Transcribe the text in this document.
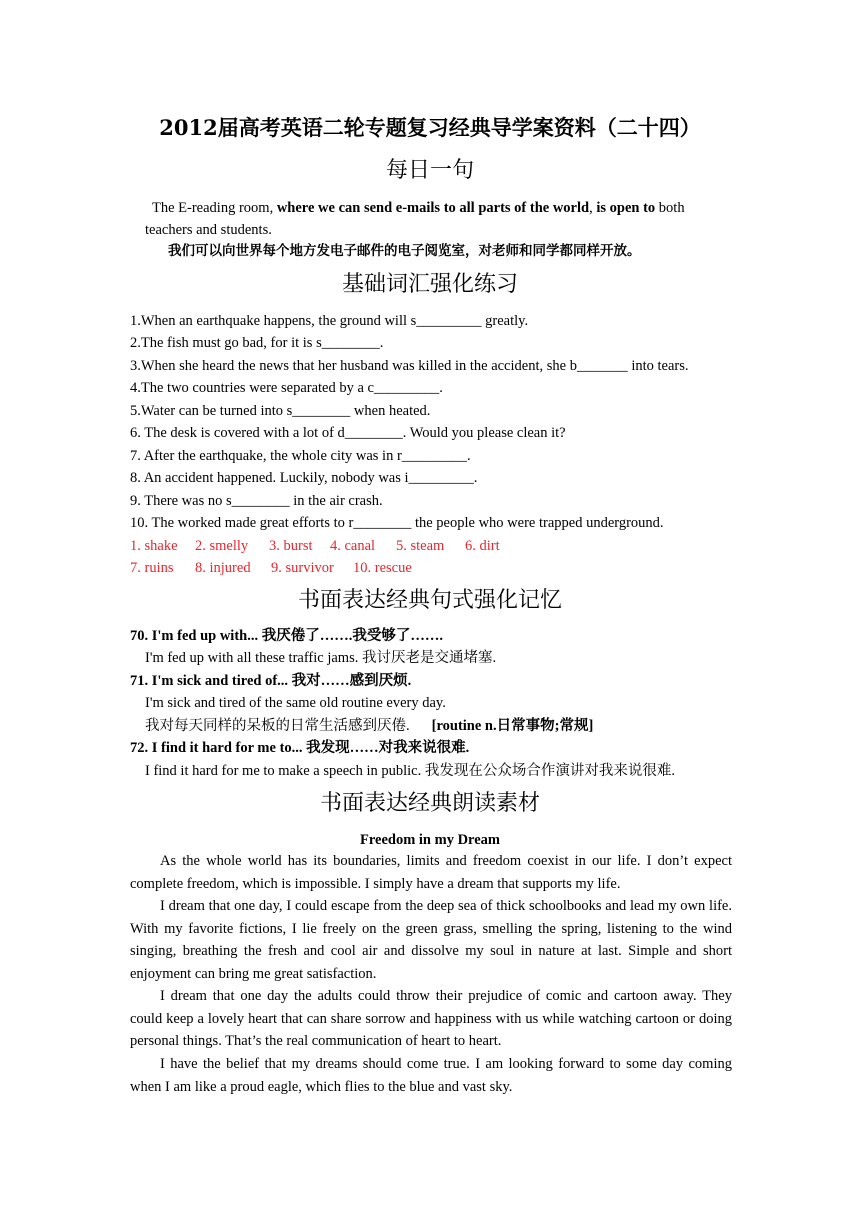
2012届高考英语二轮专题复习经典导学案资料（二十四）
每日一句
The E-reading room, where we can send e-mails to all parts of the world, is open to both
teachers and students.
我们可以向世界每个地方发电子邮件的电子阅览室，对老师和同学都同样开放。
基础词汇强化练习
1.When an earthquake happens, the ground will s_________ greatly.
2.The fish must go bad, for it is s________.
3.When she heard the news that her husband was killed in the accident, she b_______ into tears.
4.The two countries were separated by a c_________.
5.Water can be turned into s________ when heated.
6. The desk is covered with a lot of d________. Would you please clean it?
7. After the earthquake, the whole city was in r_________.
8. An accident happened. Luckily, nobody was i_________.
9. There was no s________ in the air crash.
10. The worked made great efforts to r________ the people who were trapped underground.
1. shake 2. smelly 3. burst 4. canal 5. steam 6. dirt
7. ruins 8. injured 9. survivor 10. rescue
书面表达经典句式强化记忆
70. I'm fed up with... 我厌倦了…….我受够了…….
I'm fed up with all these traffic jams. 我讨厌老是交通堵塞.
71. I'm sick and tired of... 我对……感到厌烦.
I'm sick and tired of the same old routine every day.
我对每天同样的呆板的日常生活感到厌倦. [routine n.日常事物;常规]
72. I find it hard for me to... 我发现……对我来说很难.
I find it hard for me to make a speech in public. 我发现在公众场合作演讲对我来说很难.
书面表达经典朗读素材
Freedom in my Dream

As the whole world has its boundaries, limits and freedom coexist in our life. I don’t expect complete freedom, which is impossible. I simply have a dream that supports my life.

I dream that one day, I could escape from the deep sea of thick schoolbooks and lead my own life. With my favorite fictions, I lie freely on the green grass, smelling the spring, listening to the wind singing, breathing the fresh and cool air and dissolve my soul in nature at last. Simple and short enjoyment can bring me great satisfaction.

I dream that one day the adults could throw their prejudice of comic and cartoon away. They could keep a lovely heart that can share sorrow and happiness with us while watching cartoon or doing personal things. That’s the real communication of heart to heart.

I have the belief that my dreams should come true. I am looking forward to some day coming when I am like a proud eagle, which flies to the blue and vast sky.
